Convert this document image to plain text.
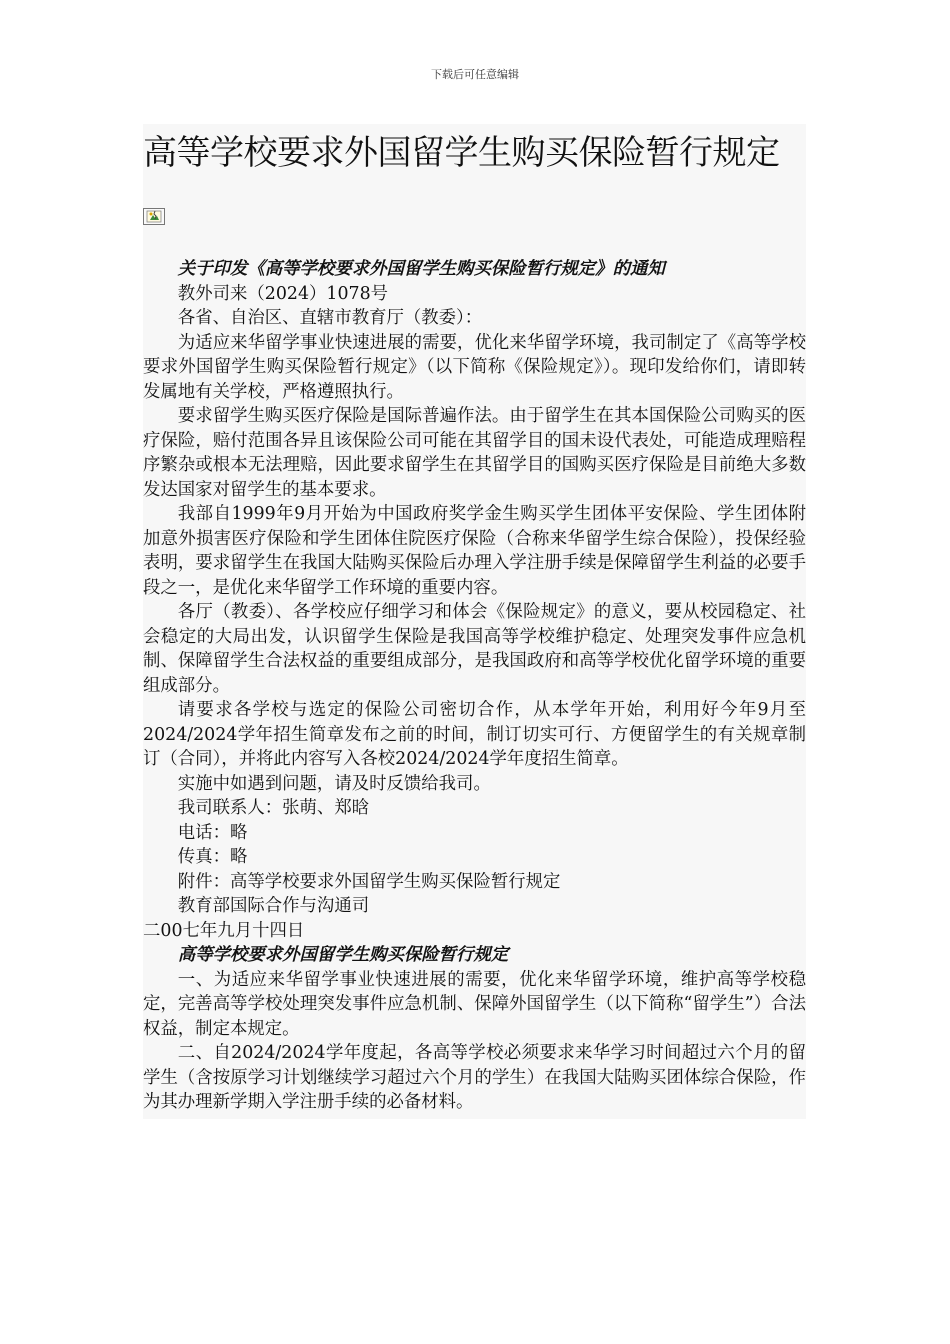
下载后可任意编辑
高等学校要求外国留学生购买保险暂行规定

关于印发《高等学校要求外国留学生购买保险暂行规定》的通知

教外司来（2024）1078号

各省、自治区、直辖市教育厅（教委）：

为适应来华留学事业快速进展的需要，优化来华留学环境，我司制定了《高等学校要求外国留学生购买保险暂行规定》（以下简称《保险规定》）。现印发给你们，请即转发属地有关学校，严格遵照执行。

要求留学生购买医疗保险是国际普遍作法。由于留学生在其本国保险公司购买的医疗保险，赔付范围各异且该保险公司可能在其留学目的国未设代表处，可能造成理赔程序繁杂或根本无法理赔，因此要求留学生在其留学目的国购买医疗保险是目前绝大多数发达国家对留学生的基本要求。

我部自1999年9月开始为中国政府奖学金生购买学生团体平安保险、学生团体附加意外损害医疗保险和学生团体住院医疗保险（合称来华留学生综合保险），投保经验表明，要求留学生在我国大陆购买保险后办理入学注册手续是保障留学生利益的必要手段之一，是优化来华留学工作环境的重要内容。

各厅（教委）、各学校应仔细学习和体会《保险规定》的意义，要从校园稳定、社会稳定的大局出发，认识留学生保险是我国高等学校维护稳定、处理突发事件应急机制、保障留学生合法权益的重要组成部分，是我国政府和高等学校优化留学环境的重要组成部分。

请要求各学校与选定的保险公司密切合作，从本学年开始，利用好今年9月至2024/2024学年招生简章发布之前的时间，制订切实可行、方便留学生的有关规章制订（合同），并将此内容写入各校2024/2024学年度招生简章。

实施中如遇到问题，请及时反馈给我司。

我司联系人：张萌、郑晗

电话：略

传真：略

附件：高等学校要求外国留学生购买保险暂行规定

教育部国际合作与沟通司

二00七年九月十四日

高等学校要求外国留学生购买保险暂行规定

一、为适应来华留学事业快速进展的需要，优化来华留学环境，维护高等学校稳定，完善高等学校处理突发事件应急机制、保障外国留学生（以下简称“留学生”）合法权益，制定本规定。

二、自2024/2024学年度起，各高等学校必须要求来华学习时间超过六个月的留学生（含按原学习计划继续学习超过六个月的学生）在我国大陆购买团体综合保险，作为其办理新学期入学注册手续的必备材料。
